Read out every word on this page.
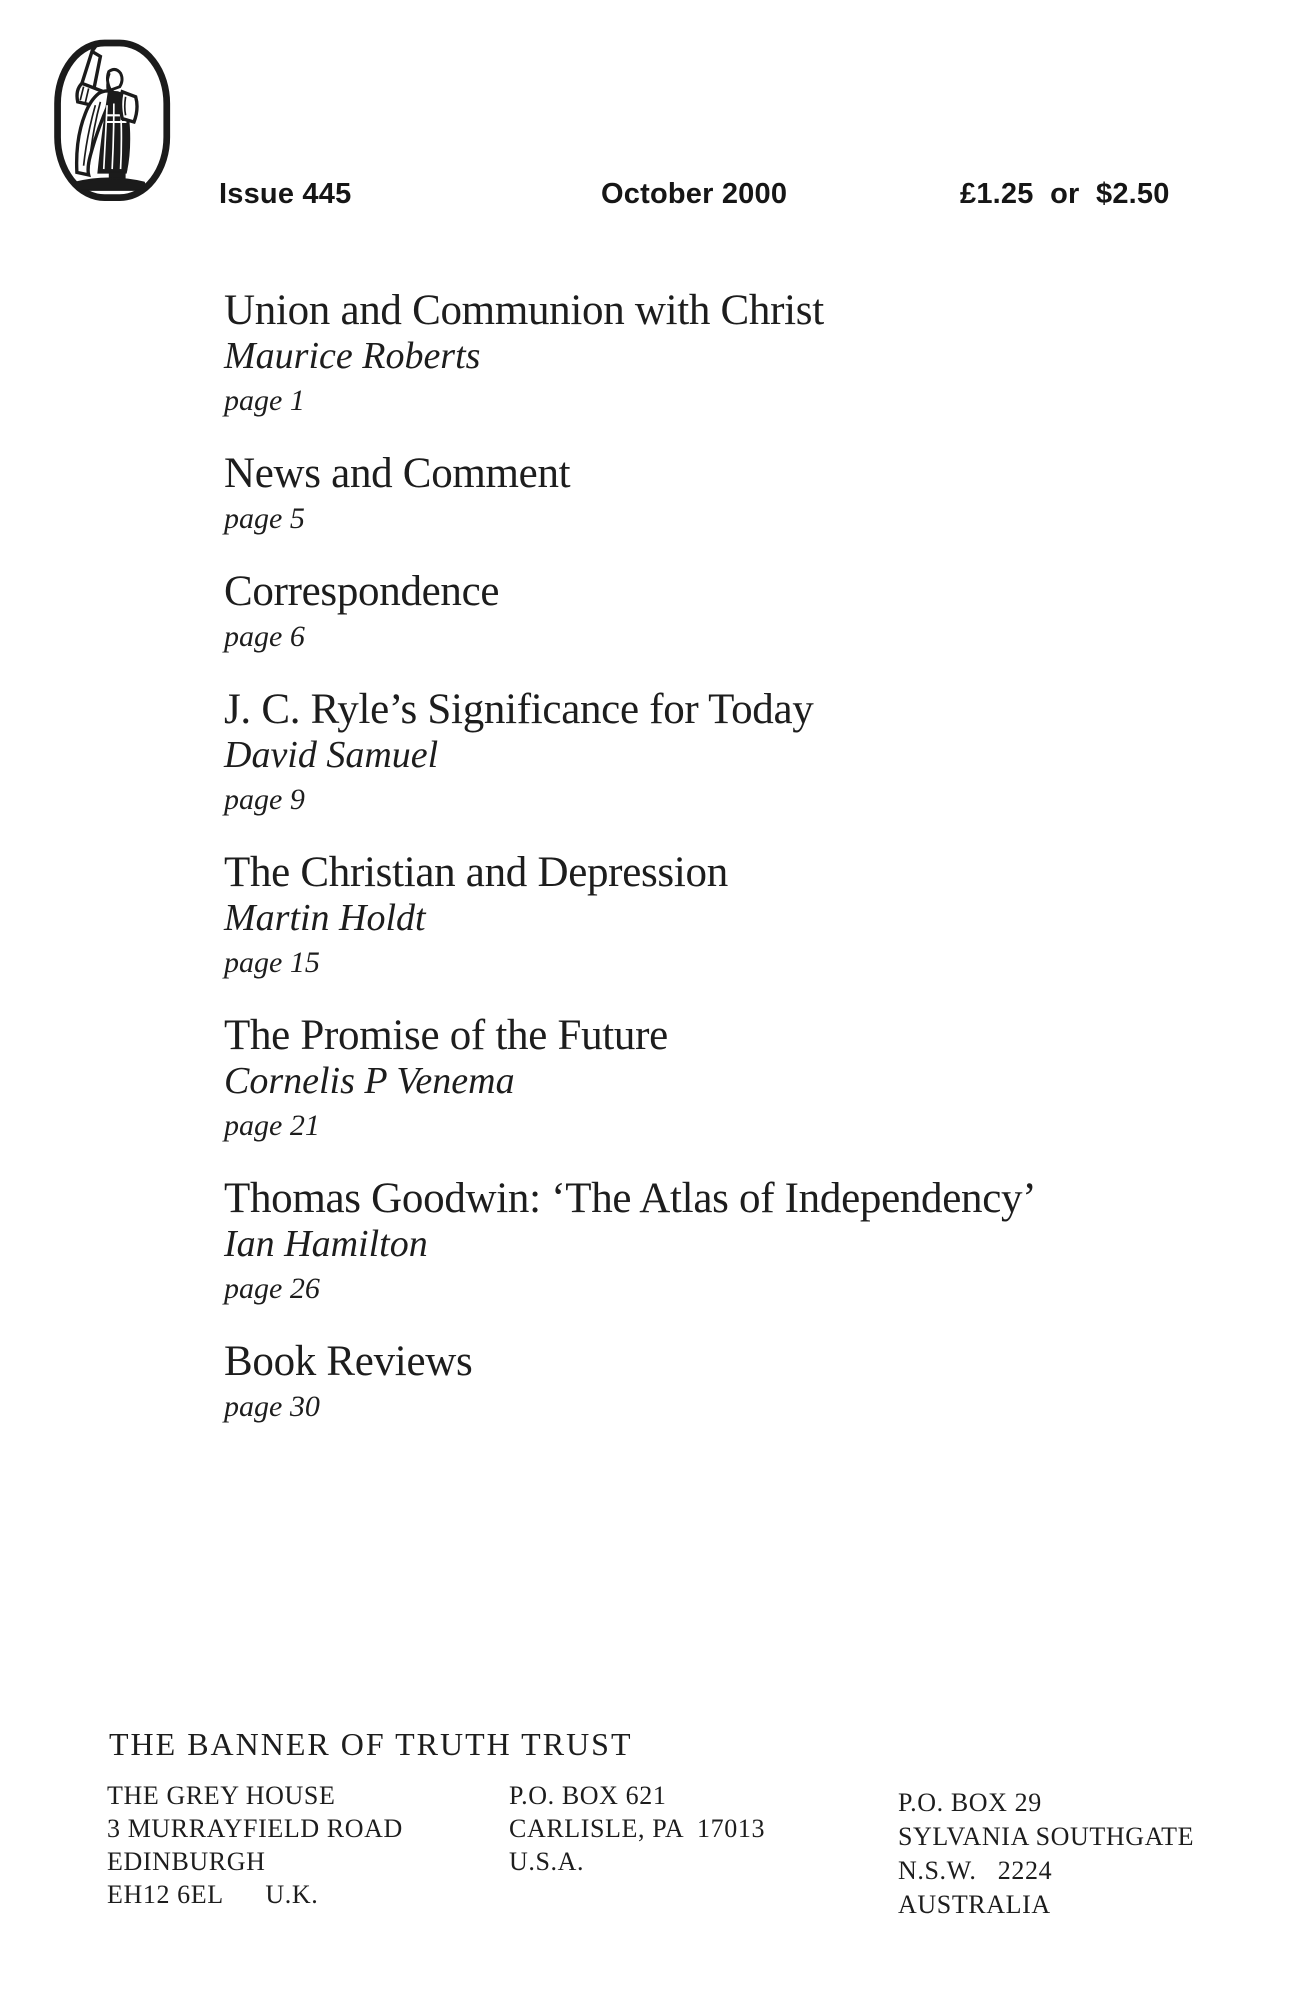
Issue 445	October 2000	£1.25  or  $2.50
Union and Communion with Christ
Maurice Roberts
page 1
News and Comment
page 5
Correspondence
page 6
J. C. Ryle’s Significance for Today
David Samuel
page 9
The Christian and Depression
Martin Holdt
page 15
The Promise of the Future
Cornelis P Venema
page 21
Thomas Goodwin: ‘The Atlas of Independency’
Ian Hamilton
page 26
Book Reviews
page 30
THE BANNER OF TRUTH TRUST
THE GREY HOUSE
3 MURRAYFIELD ROAD
EDINBURGH
EH12 6EL      U.K.
P.O. BOX 621
CARLISLE, PA  17013
U.S.A.
P.O. BOX 29
SYLVANIA SOUTHGATE
N.S.W.   2224
AUSTRALIA
